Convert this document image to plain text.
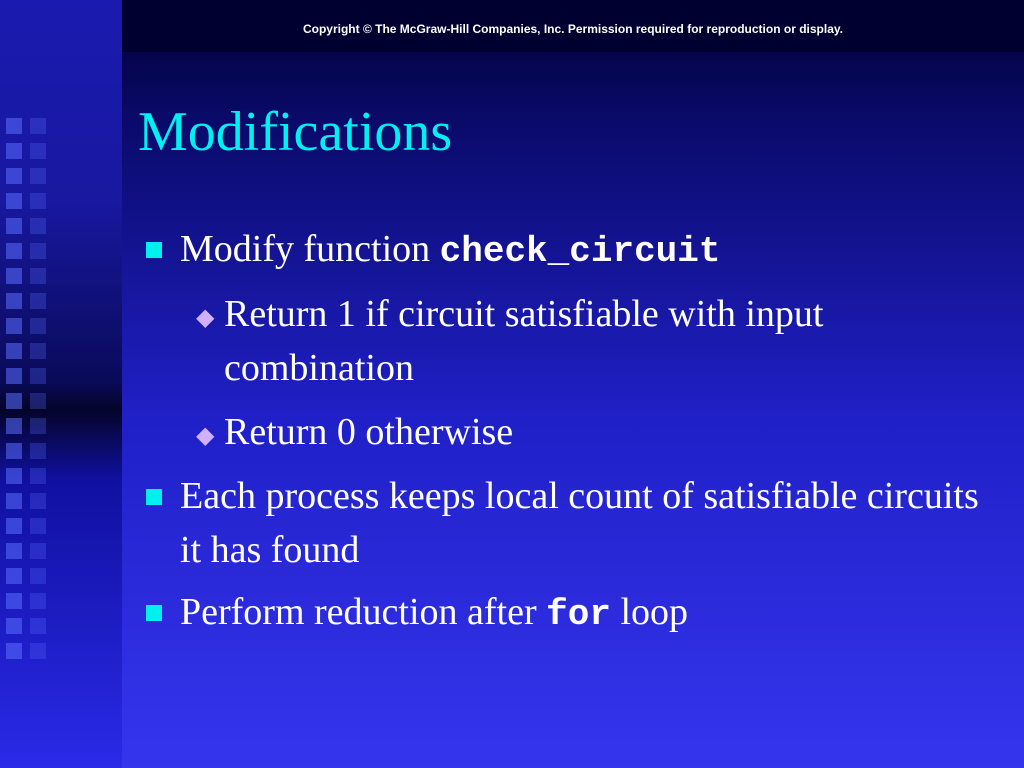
Copyright © The McGraw-Hill Companies, Inc. Permission required for reproduction or display.
Modifications
Modify function check_circuit
◆ Return 1 if circuit satisfiable with input combination
◆ Return 0 otherwise
Each process keeps local count of satisfiable circuits it has found
Perform reduction after for loop
